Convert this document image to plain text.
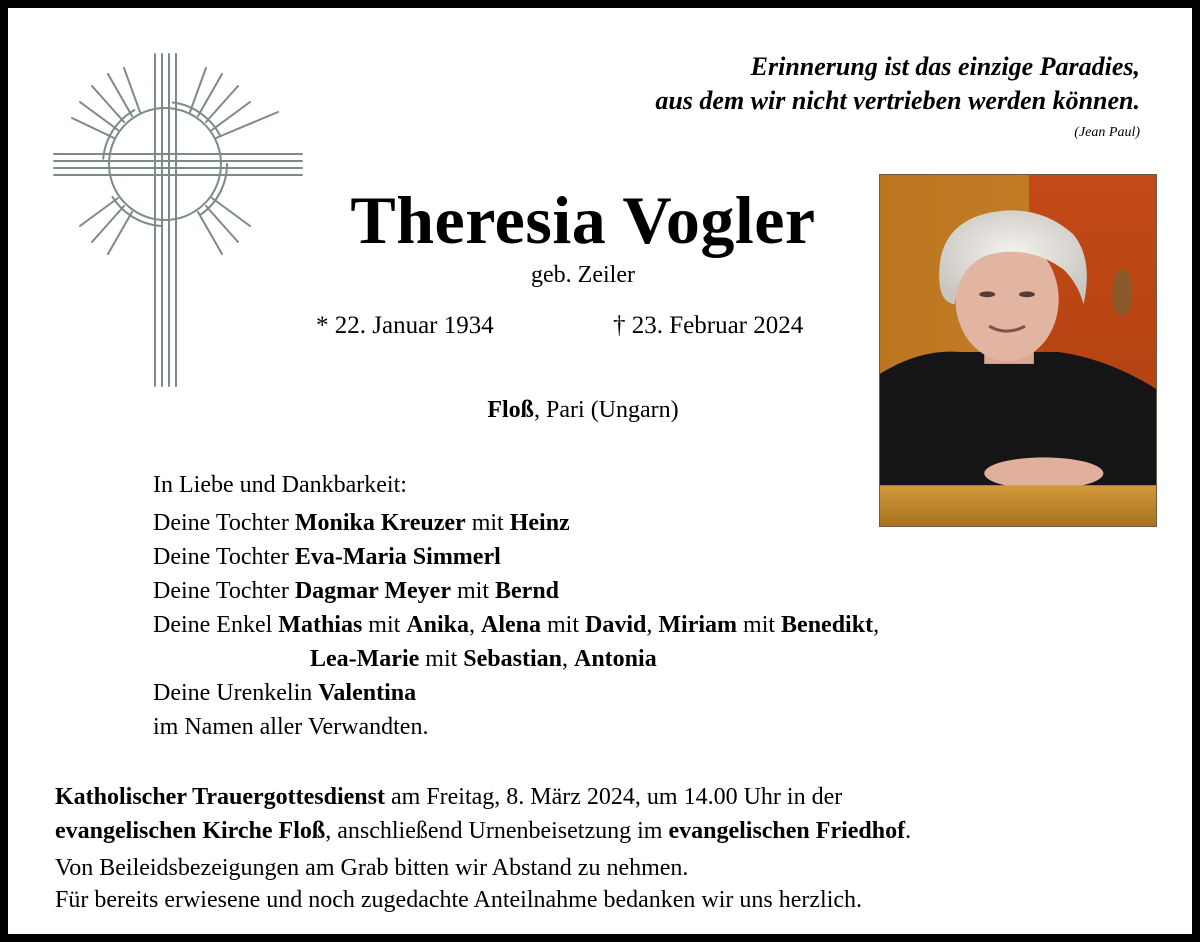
Erinnerung ist das einzige Paradies,
aus dem wir nicht vertrieben werden können.
(Jean Paul)
Theresia Vogler
geb. Zeiler
* 22. Januar 1934	† 23. Februar 2024
Floß, Pari (Ungarn)
In Liebe und Dankbarkeit:
Deine Tochter Monika Kreuzer mit Heinz
Deine Tochter Eva-Maria Simmerl
Deine Tochter Dagmar Meyer mit Bernd
Deine Enkel Mathias mit Anika, Alena mit David, Miriam mit Benedikt,
Lea-Marie mit Sebastian, Antonia
Deine Urenkelin Valentina
im Namen aller Verwandten.
Katholischer Trauergottesdienst am Freitag, 8. März 2024, um 14.00 Uhr in der
evangelischen Kirche Floß, anschließend Urnenbeisetzung im evangelischen Friedhof.
Von Beileidsbezeigungen am Grab bitten wir Abstand zu nehmen.
Für bereits erwiesene und noch zugedachte Anteilnahme bedanken wir uns herzlich.
